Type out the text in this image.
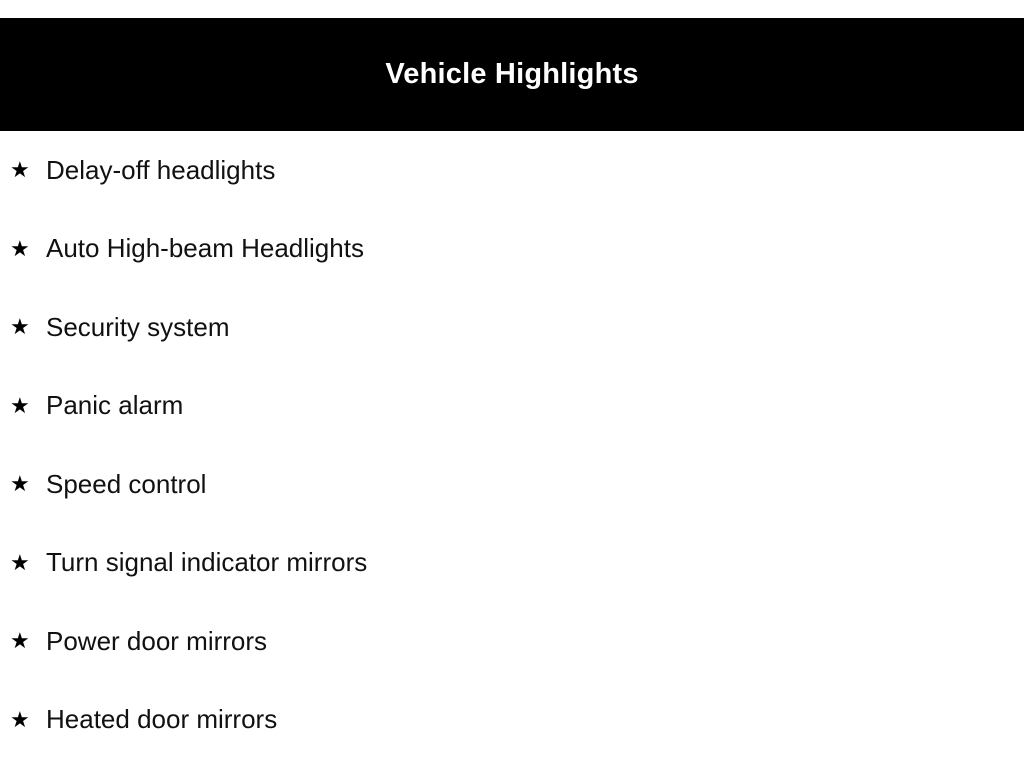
Vehicle Highlights
★ Delay-off headlights
★ Auto High-beam Headlights
★ Security system
★ Panic alarm
★ Speed control
★ Turn signal indicator mirrors
★ Power door mirrors
★ Heated door mirrors
